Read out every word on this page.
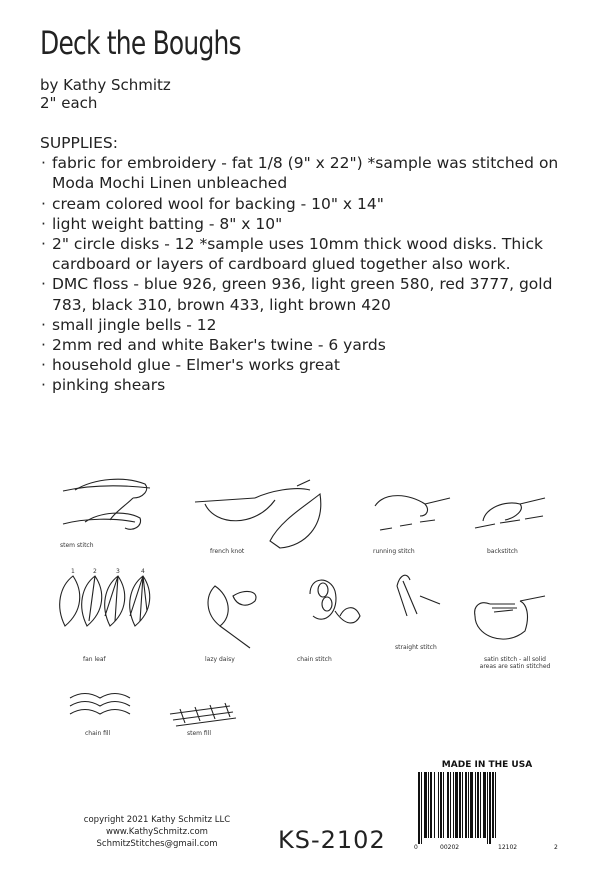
Deck the Boughs
by Kathy Schmitz
2" each
SUPPLIES:
· fabric for embroidery - fat 1/8 (9" x 22") *sample was stitched on Moda Mochi Linen unbleached
· cream colored wool for backing - 10" x 14"
· light weight batting - 8" x 10"
· 2" circle disks - 12 *sample uses 10mm thick wood disks. Thick cardboard or layers of cardboard glued together also work.
· DMC floss - blue 926, green 936, light green 580, red 3777, gold 783, black 310, brown 433, light brown 420
· small jingle bells - 12
· 2mm red and white Baker's twine - 6 yards
· household glue - Elmer's works great
· pinking shears
stem stitch
french knot	running stitch	backstitch
fan leaf	lazy daisy	chain stitch
straight stitch
satin stitch - all solid areas are satin stitched
chain fill	stem fill
1	2	3	4
copyright 2021 Kathy Schmitz LLC
www.KathySchmitz.com
SchmitzStitches@gmail.com	KS-2102
MADE IN THE USA
0	00202	12102	2
